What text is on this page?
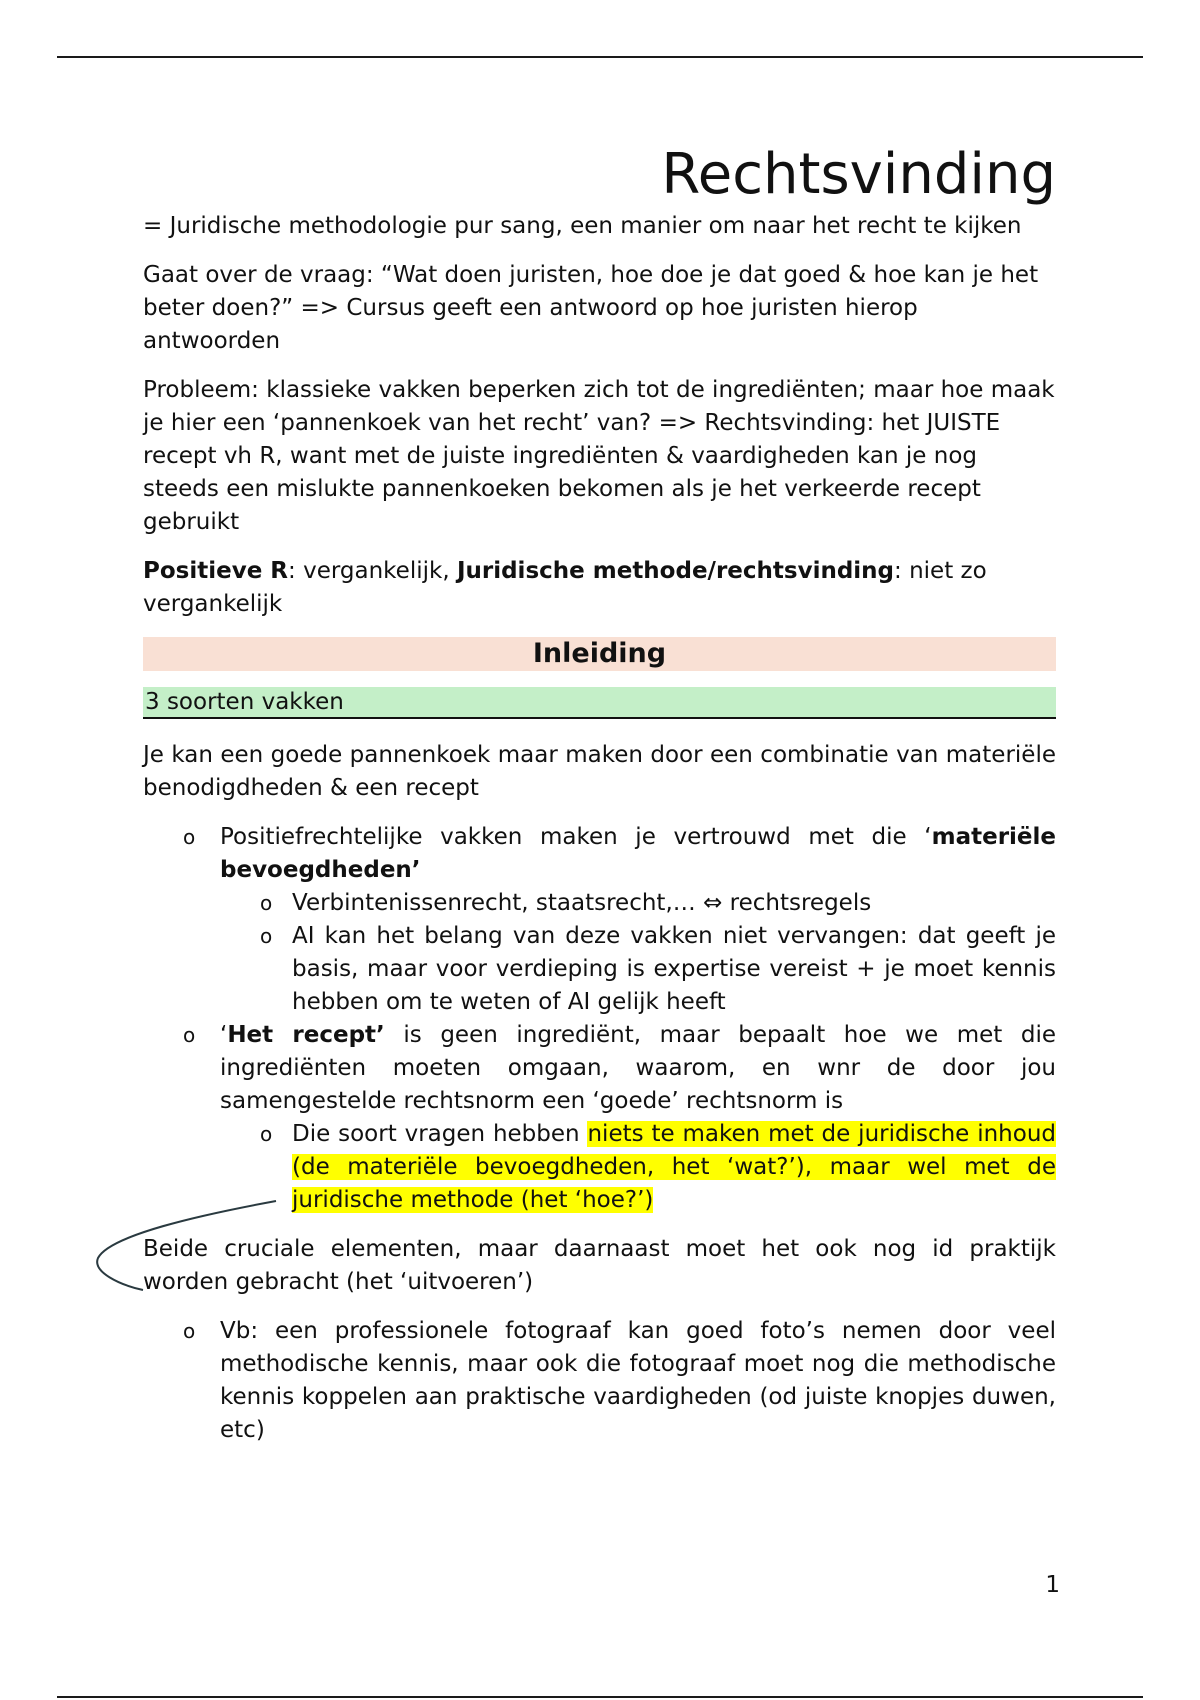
Rechtsvinding

= Juridische methodologie pur sang, een manier om naar het recht te kijken

Gaat over de vraag: “Wat doen juristen, hoe doe je dat goed & hoe kan je het beter doen?” => Cursus geeft een antwoord op hoe juristen hierop antwoorden

Probleem: klassieke vakken beperken zich tot de ingrediënten; maar hoe maak je hier een ‘pannenkoek van het recht’ van? => Rechtsvinding: het JUISTE recept vh R, want met de juiste ingrediënten & vaardigheden kan je nog steeds een mislukte pannenkoeken bekomen als je het verkeerde recept gebruikt

Positieve R: vergankelijk, Juridische methode/rechtsvinding: niet zo vergankelijk

Inleiding
3 soorten vakken

Je kan een goede pannenkoek maar maken door een combinatie van materiële benodigdheden & een recept

o Positiefrechtelijke vakken maken je vertrouwd met die ‘materiële bevoegdheden’
o Verbintenissenrecht, staatsrecht,… ⇔ rechtsregels
o AI kan het belang van deze vakken niet vervangen: dat geeft je basis, maar voor verdieping is expertise vereist + je moet kennis hebben om te weten of AI gelijk heeft
o ‘Het recept’ is geen ingrediënt, maar bepaalt hoe we met die ingrediënten moeten omgaan, waarom, en wnr de door jou samengestelde rechtsnorm een ‘goede’ rechtsnorm is
o Die soort vragen hebben niets te maken met de juridische inhoud (de materiële bevoegdheden, het ‘wat?’), maar wel met de juridische methode (het ‘hoe?’)

Beide cruciale elementen, maar daarnaast moet het ook nog id praktijk worden gebracht (het ‘uitvoeren’)

o Vb: een professionele fotograaf kan goed foto’s nemen door veel methodische kennis, maar ook die fotograaf moet nog die methodische kennis koppelen aan praktische vaardigheden (od juiste knopjes duwen, etc)
1
